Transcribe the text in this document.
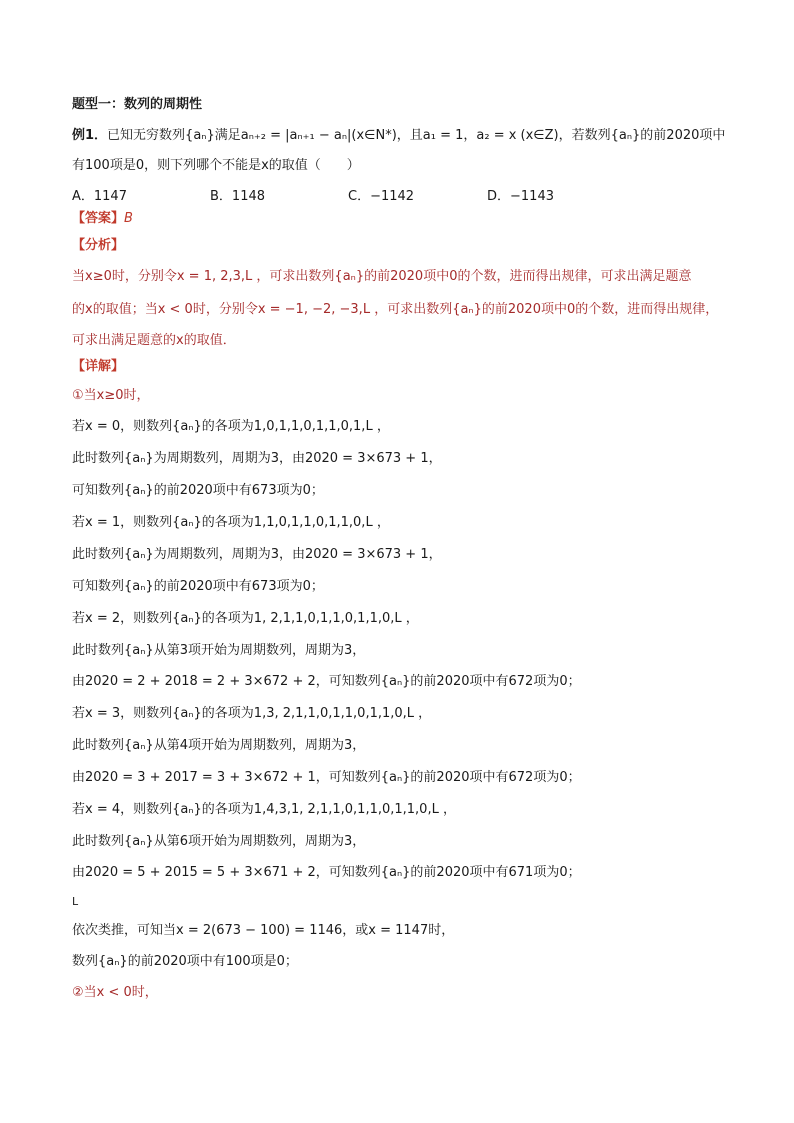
题型一：数列的周期性
例1．已知无穷数列{aₙ}满足aₙ₊₂ = |aₙ₊₁ − aₙ|(x∈N*)，且a₁ = 1，a₂ = x (x∈Z)，若数列{aₙ}的前2020项中
有100项是0，则下列哪个不能是x的取值（　　）
A．1147	B．1148	C．−1142	D．−1143
【答案】B
【分析】
当x≥0时，分别令x = 1, 2,3,L ，可求出数列{aₙ}的前2020项中0的个数，进而得出规律，可求出满足题意
的x的取值；当x < 0时，分别令x = −1, −2, −3,L ，可求出数列{aₙ}的前2020项中0的个数，进而得出规律，
可求出满足题意的x的取值．
【详解】
①当x≥0时，
若x = 0，则数列{aₙ}的各项为1,0,1,1,0,1,1,0,1,L ，
此时数列{aₙ}为周期数列，周期为3，由2020 = 3×673 + 1，
可知数列{aₙ}的前2020项中有673项为0；
若x = 1，则数列{aₙ}的各项为1,1,0,1,1,0,1,1,0,L ，
此时数列{aₙ}为周期数列，周期为3，由2020 = 3×673 + 1，
可知数列{aₙ}的前2020项中有673项为0；
若x = 2，则数列{aₙ}的各项为1, 2,1,1,0,1,1,0,1,1,0,L ，
此时数列{aₙ}从第3项开始为周期数列，周期为3，
由2020 = 2 + 2018 = 2 + 3×672 + 2，可知数列{aₙ}的前2020项中有672项为0；
若x = 3，则数列{aₙ}的各项为1,3, 2,1,1,0,1,1,0,1,1,0,L ，
此时数列{aₙ}从第4项开始为周期数列，周期为3，
由2020 = 3 + 2017 = 3 + 3×672 + 1，可知数列{aₙ}的前2020项中有672项为0；
若x = 4，则数列{aₙ}的各项为1,4,3,1, 2,1,1,0,1,1,0,1,1,0,L ，
此时数列{aₙ}从第6项开始为周期数列，周期为3，
由2020 = 5 + 2015 = 5 + 3×671 + 2，可知数列{aₙ}的前2020项中有671项为0；
L
依次类推，可知当x = 2(673 − 100) = 1146，或x = 1147时，
数列{aₙ}的前2020项中有100项是0；
②当x < 0时，
